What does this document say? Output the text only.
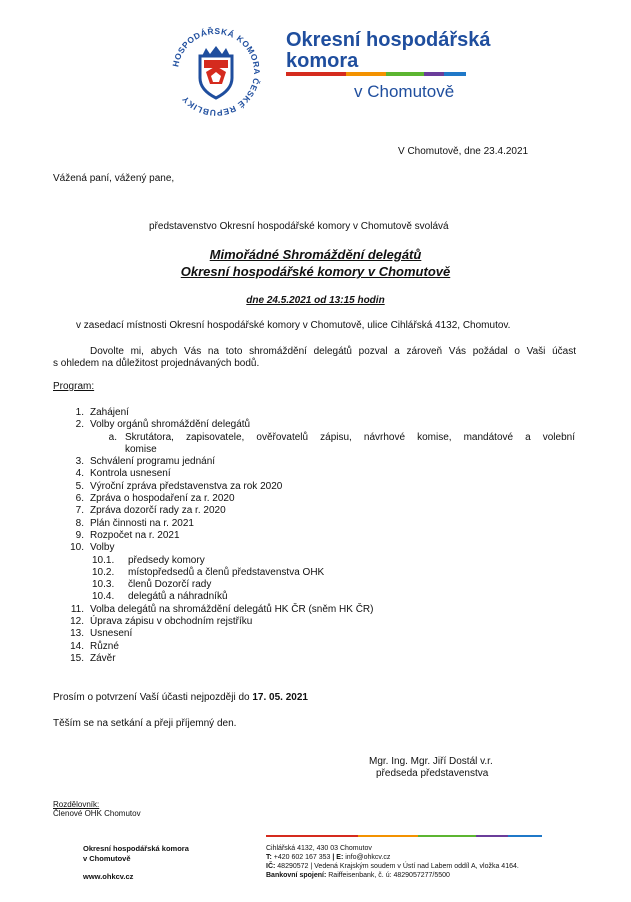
HOSPODÁŘSKÁ KOMORA ČESKÉ REPUBLIKY
Okresní hospodářská
komora
v Chomutově
V Chomutově, dne 23.4.2021
Vážená paní, vážený pane,
představenstvo Okresní hospodářské komory v Chomutově svolává
Mimořádné Shromáždění delegátů
Okresní hospodářské komory v Chomutově
dne 24.5.2021 od 13:15 hodin
v zasedací místnosti Okresní hospodářské komory v Chomutově, ulice Cihlářská 4132, Chomutov.
Dovolte mi, abych Vás na toto shromáždění delegátů pozval a zároveň Vás požádal o Vaši účast
s ohledem na důležitost projednávaných bodů.
Program:
1. Zahájení
2. Volby orgánů shromáždění delegátů
a. Skrutátora, zapisovatele, ověřovatelů zápisu, návrhové komise, mandátové a volební
komise
3. Schválení programu jednání
4. Kontrola usnesení
5. Výroční zpráva představenstva za rok 2020
6. Zpráva o hospodaření za r. 2020
7. Zpráva dozorčí rady za r. 2020
8. Plán činnosti na r. 2021
9. Rozpočet na r. 2021
10. Volby
10.1. předsedy komory
10.2. místopředsedů a členů představenstva OHK
10.3. členů Dozorčí rady
10.4. delegátů a náhradníků
11. Volba delegátů na shromáždění delegátů HK ČR (sněm HK ČR)
12. Úprava zápisu v obchodním rejstříku
13. Usnesení
14. Různé
15. Závěr
Prosím o potvrzení Vaší účasti nejpozději do 17. 05. 2021
Těším se na setkání a přeji příjemný den.
Mgr. Ing. Mgr. Jiří Dostál v.r.
předseda představenstva
Rozdělovník:
Členové OHK Chomutov
Okresní hospodářská komora
v Chomutově
www.ohkcv.cz
Cihlářská 4132, 430 03 Chomutov
T: +420 602 167 353 | E: info@ohkcv.cz
IČ: 48290572 | Vedená Krajským soudem v Ústí nad Labem oddíl A, vložka 4164.
Bankovní spojení: Raiffeisenbank, č. ú: 4829057277/5500
